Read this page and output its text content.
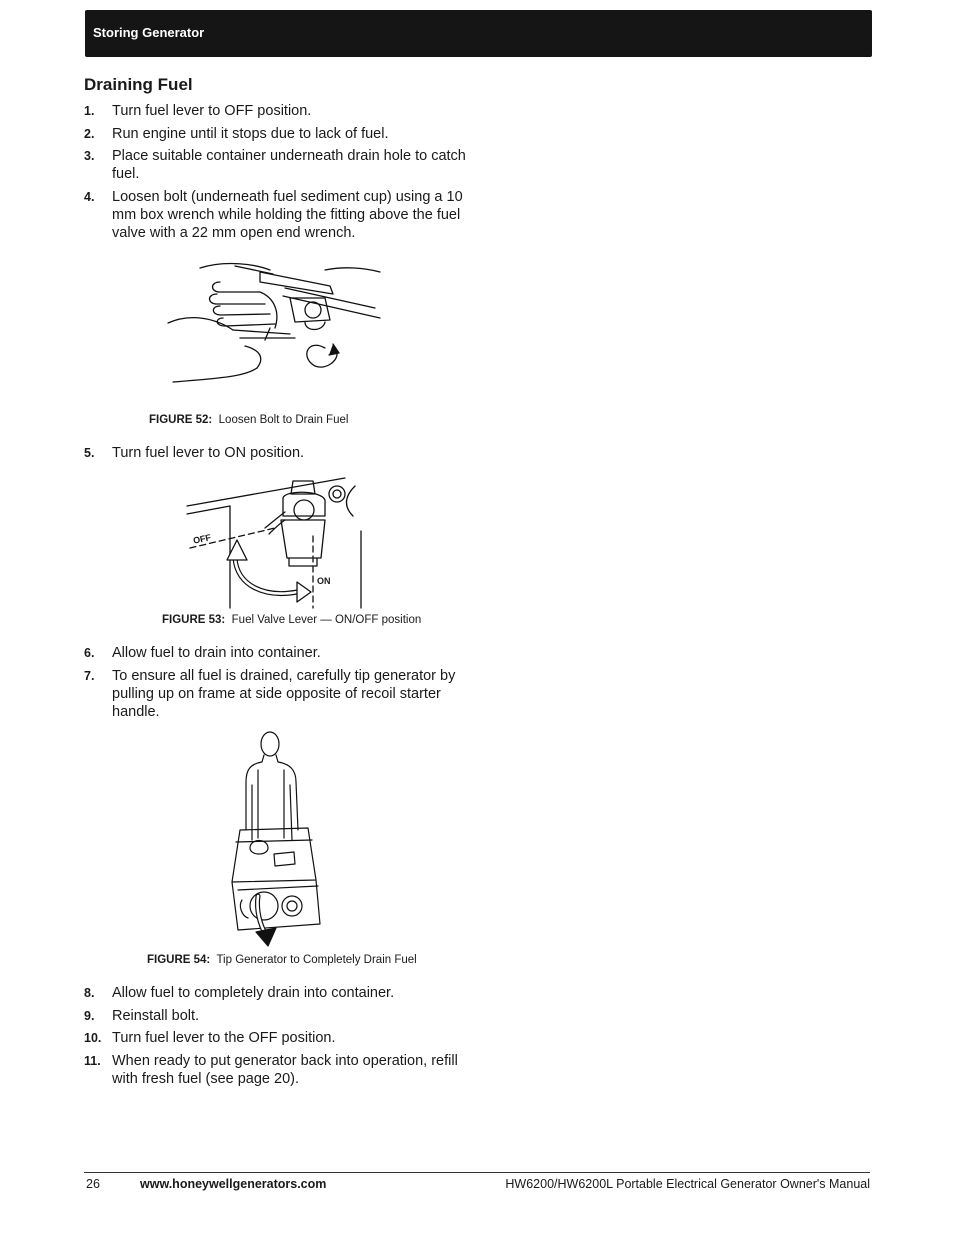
Storing Generator
Draining Fuel
1. Turn fuel lever to OFF position.
2. Run engine until it stops due to lack of fuel.
3. Place suitable container underneath drain hole to catch fuel.
4. Loosen bolt (underneath fuel sediment cup) using a 10 mm box wrench while holding the fitting above the fuel valve with a 22 mm open end wrench.
FIGURE 52: Loosen Bolt to Drain Fuel
5. Turn fuel lever to ON position.
OFF
ON
FIGURE 53: Fuel Valve Lever — ON/OFF position
6. Allow fuel to drain into container.
7. To ensure all fuel is drained, carefully tip generator by pulling up on frame at side opposite of recoil starter handle.
FIGURE 54: Tip Generator to Completely Drain Fuel
8. Allow fuel to completely drain into container.
9. Reinstall bolt.
10. Turn fuel lever to the OFF position.
11. When ready to put generator back into operation, refill with fresh fuel (see page 20).
26	www.honeywellgenerators.com	HW6200/HW6200L Portable Electrical Generator Owner's Manual
